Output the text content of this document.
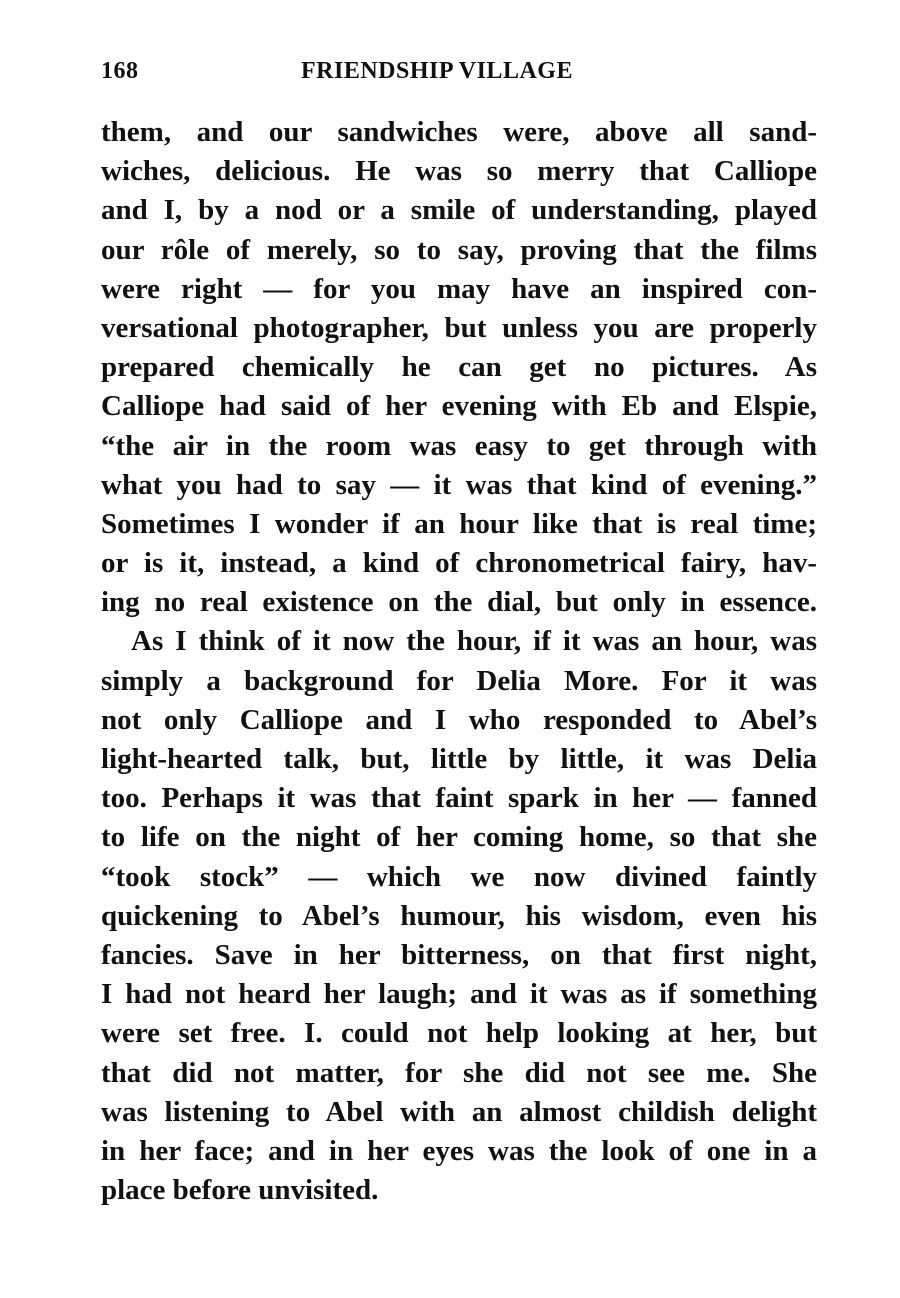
168	FRIENDSHIP VILLAGE
them, and our sandwiches were, above all sand-
wiches, delicious. He was so merry that Calliope
and I, by a nod or a smile of understanding, played
our rôle of merely, so to say, proving that the films
were right — for you may have an inspired con-
versational photographer, but unless you are properly
prepared chemically he can get no pictures. As
Calliope had said of her evening with Eb and Elspie,
“the air in the room was easy to get through with
what you had to say — it was that kind of evening.”
Sometimes I wonder if an hour like that is real time;
or is it, instead, a kind of chronometrical fairy, hav-
ing no real existence on the dial, but only in essence.
As I think of it now the hour, if it was an hour, was
simply a background for Delia More. For it was
not only Calliope and I who responded to Abel’s
light-hearted talk, but, little by little, it was Delia
too. Perhaps it was that faint spark in her — fanned
to life on the night of her coming home, so that she
“took stock” — which we now divined faintly
quickening to Abel’s humour, his wisdom, even his
fancies. Save in her bitterness, on that first night,
I had not heard her laugh; and it was as if something
were set free. I. could not help looking at her, but
that did not matter, for she did not see me. She
was listening to Abel with an almost childish delight
in her face; and in her eyes was the look of one in a
place before unvisited.
